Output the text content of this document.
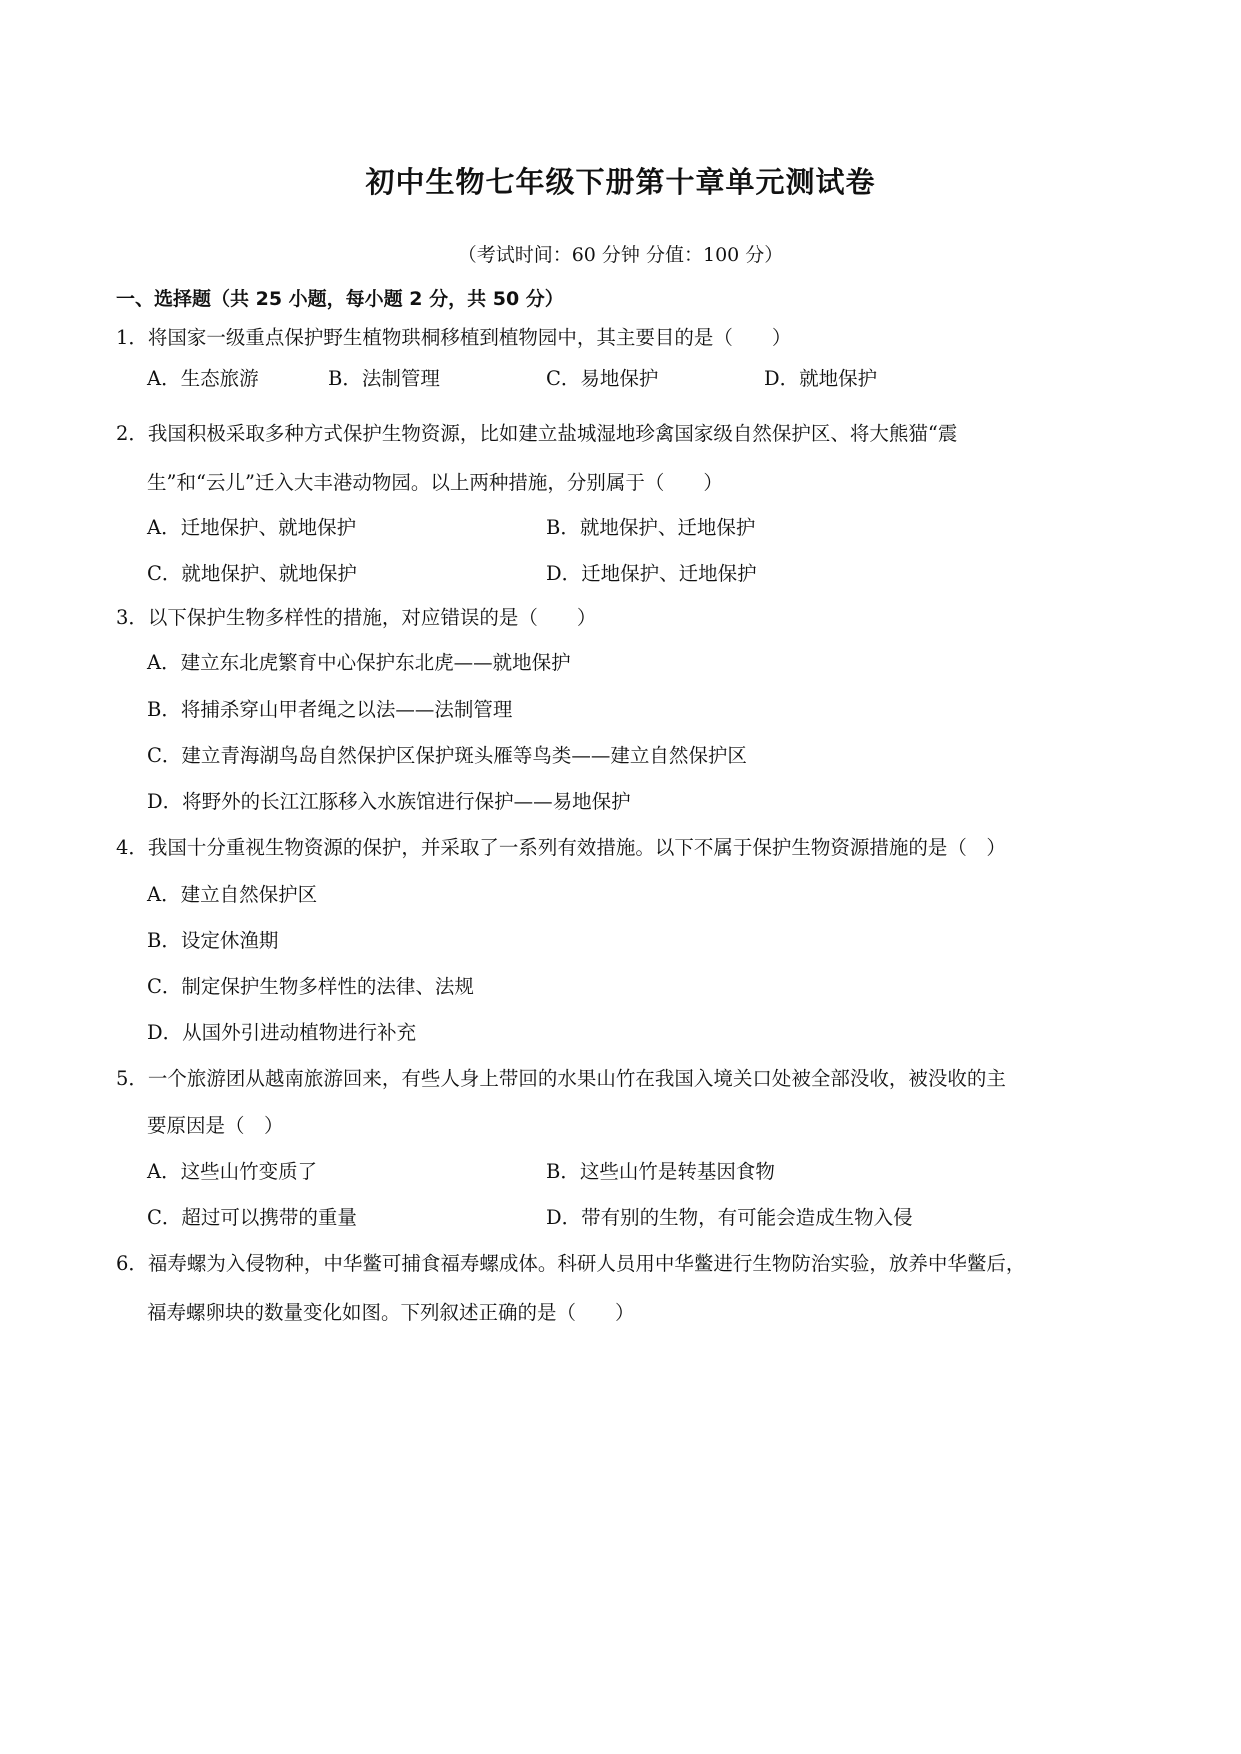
初中生物七年级下册第十章单元测试卷
（考试时间：60 分钟 分值：100 分）
一、选择题（共 25 小题，每小题 2 分，共 50 分）
1．将国家一级重点保护野生植物珙桐移植到植物园中，其主要目的是（　　）
A．生态旅游	B．法制管理	C．易地保护	D．就地保护
2．我国积极采取多种方式保护生物资源，比如建立盐城湿地珍禽国家级自然保护区、将大熊猫“震
生”和“云儿”迁入大丰港动物园。以上两种措施，分别属于（　　）
A．迁地保护、就地保护	B．就地保护、迁地保护
C．就地保护、就地保护	D．迁地保护、迁地保护
3．以下保护生物多样性的措施，对应错误的是（　　）
A．建立东北虎繁育中心保护东北虎——就地保护
B．将捕杀穿山甲者绳之以法——法制管理
C．建立青海湖鸟岛自然保护区保护斑头雁等鸟类——建立自然保护区
D．将野外的长江江豚移入水族馆进行保护——易地保护
4．我国十分重视生物资源的保护，并采取了一系列有效措施。以下不属于保护生物资源措施的是（　）
A．建立自然保护区
B．设定休渔期
C．制定保护生物多样性的法律、法规
D．从国外引进动植物进行补充
5．一个旅游团从越南旅游回来，有些人身上带回的水果山竹在我国入境关口处被全部没收，被没收的主
要原因是（　）
A．这些山竹变质了	B．这些山竹是转基因食物
C．超过可以携带的重量	D．带有别的生物，有可能会造成生物入侵
6．福寿螺为入侵物种，中华鳖可捕食福寿螺成体。科研人员用中华鳖进行生物防治实验，放养中华鳖后，
福寿螺卵块的数量变化如图。下列叙述正确的是（　　）
